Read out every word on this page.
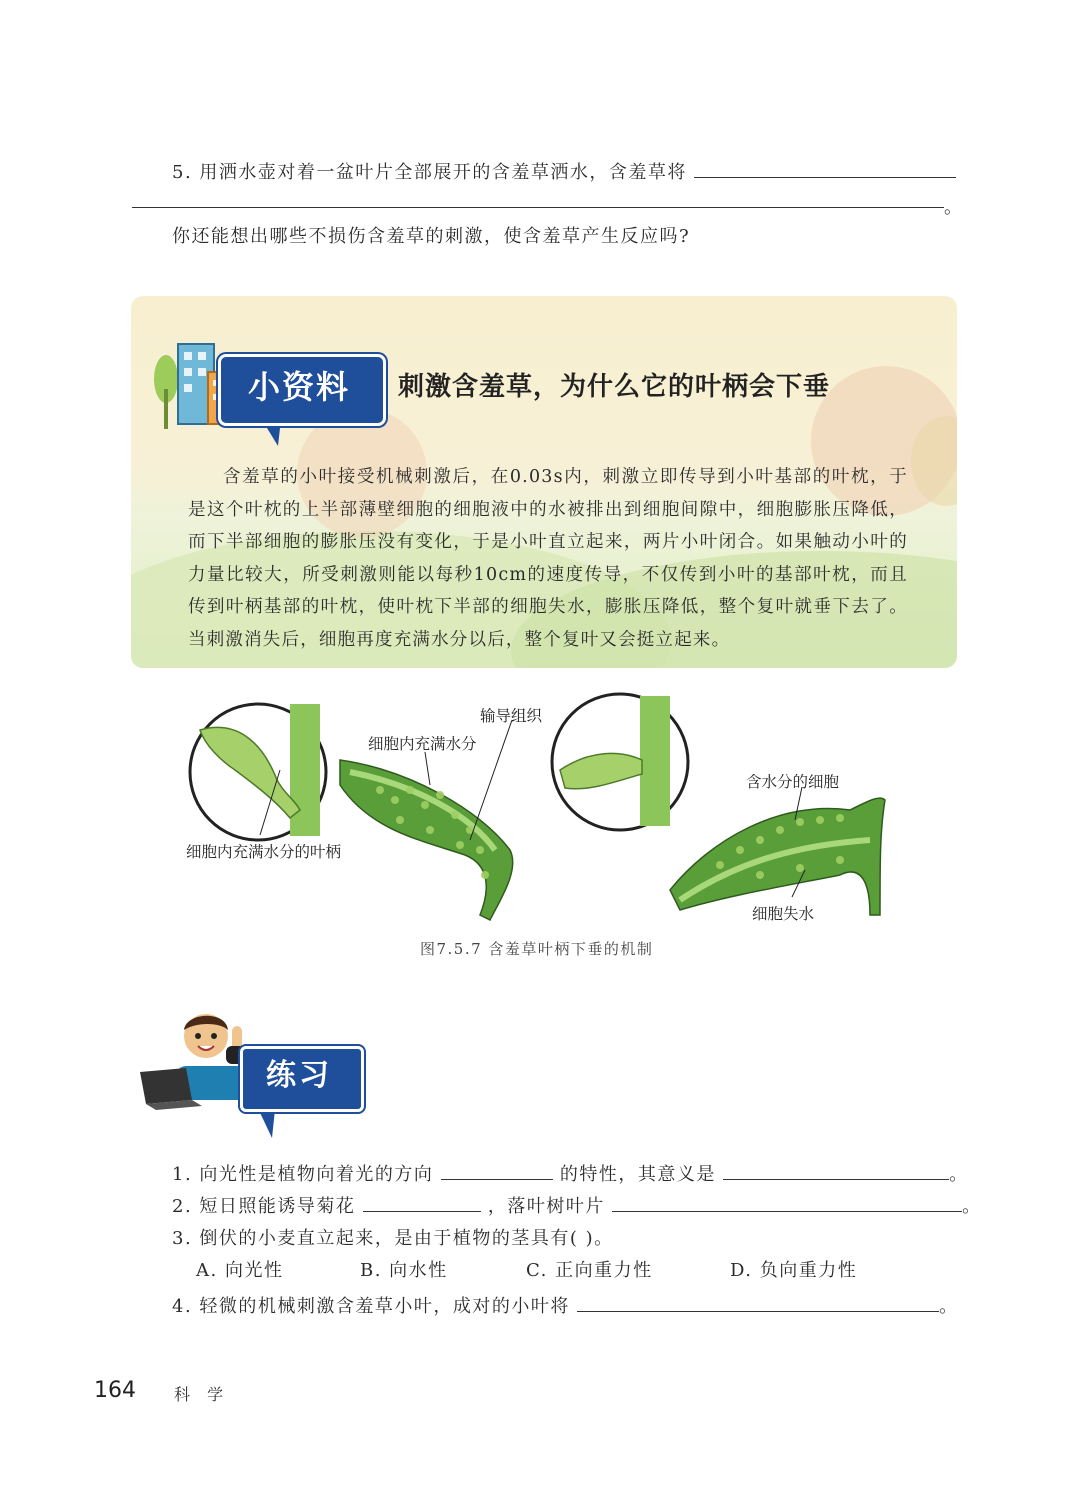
5. 用洒水壶对着一盆叶片全部展开的含羞草洒水，含羞草将
。
你还能想出哪些不损伤含羞草的刺激，使含羞草产生反应吗?
小资料	刺激含羞草，为什么它的叶柄会下垂
含羞草的小叶接受机械刺激后，在0.03s内，刺激立即传导到小叶基部的叶枕，于是这个叶枕的上半部薄壁细胞的细胞液中的水被排出到细胞间隙中，细胞膨胀压降低，而下半部细胞的膨胀压没有变化，于是小叶直立起来，两片小叶闭合。如果触动小叶的力量比较大，所受刺激则能以每秒10cm的速度传导，不仅传到小叶的基部叶枕，而且传到叶柄基部的叶枕，使叶枕下半部的细胞失水，膨胀压降低，整个复叶就垂下去了。当刺激消失后，细胞再度充满水分以后，整个复叶又会挺立起来。
输导组织
细胞内充满水分
细胞内充满水分的叶柄
含水分的细胞
细胞失水
图7.5.7 含羞草叶柄下垂的机制
练习
1. 向光性是植物向着光的方向	的特性，其意义是	。
2. 短日照能诱导菊花	，落叶树叶片	。
3. 倒伏的小麦直立起来，是由于植物的茎具有( )。
A. 向光性	B. 向水性	C. 正向重力性	D. 负向重力性
4. 轻微的机械刺激含羞草小叶，成对的小叶将	。
164 科 学
